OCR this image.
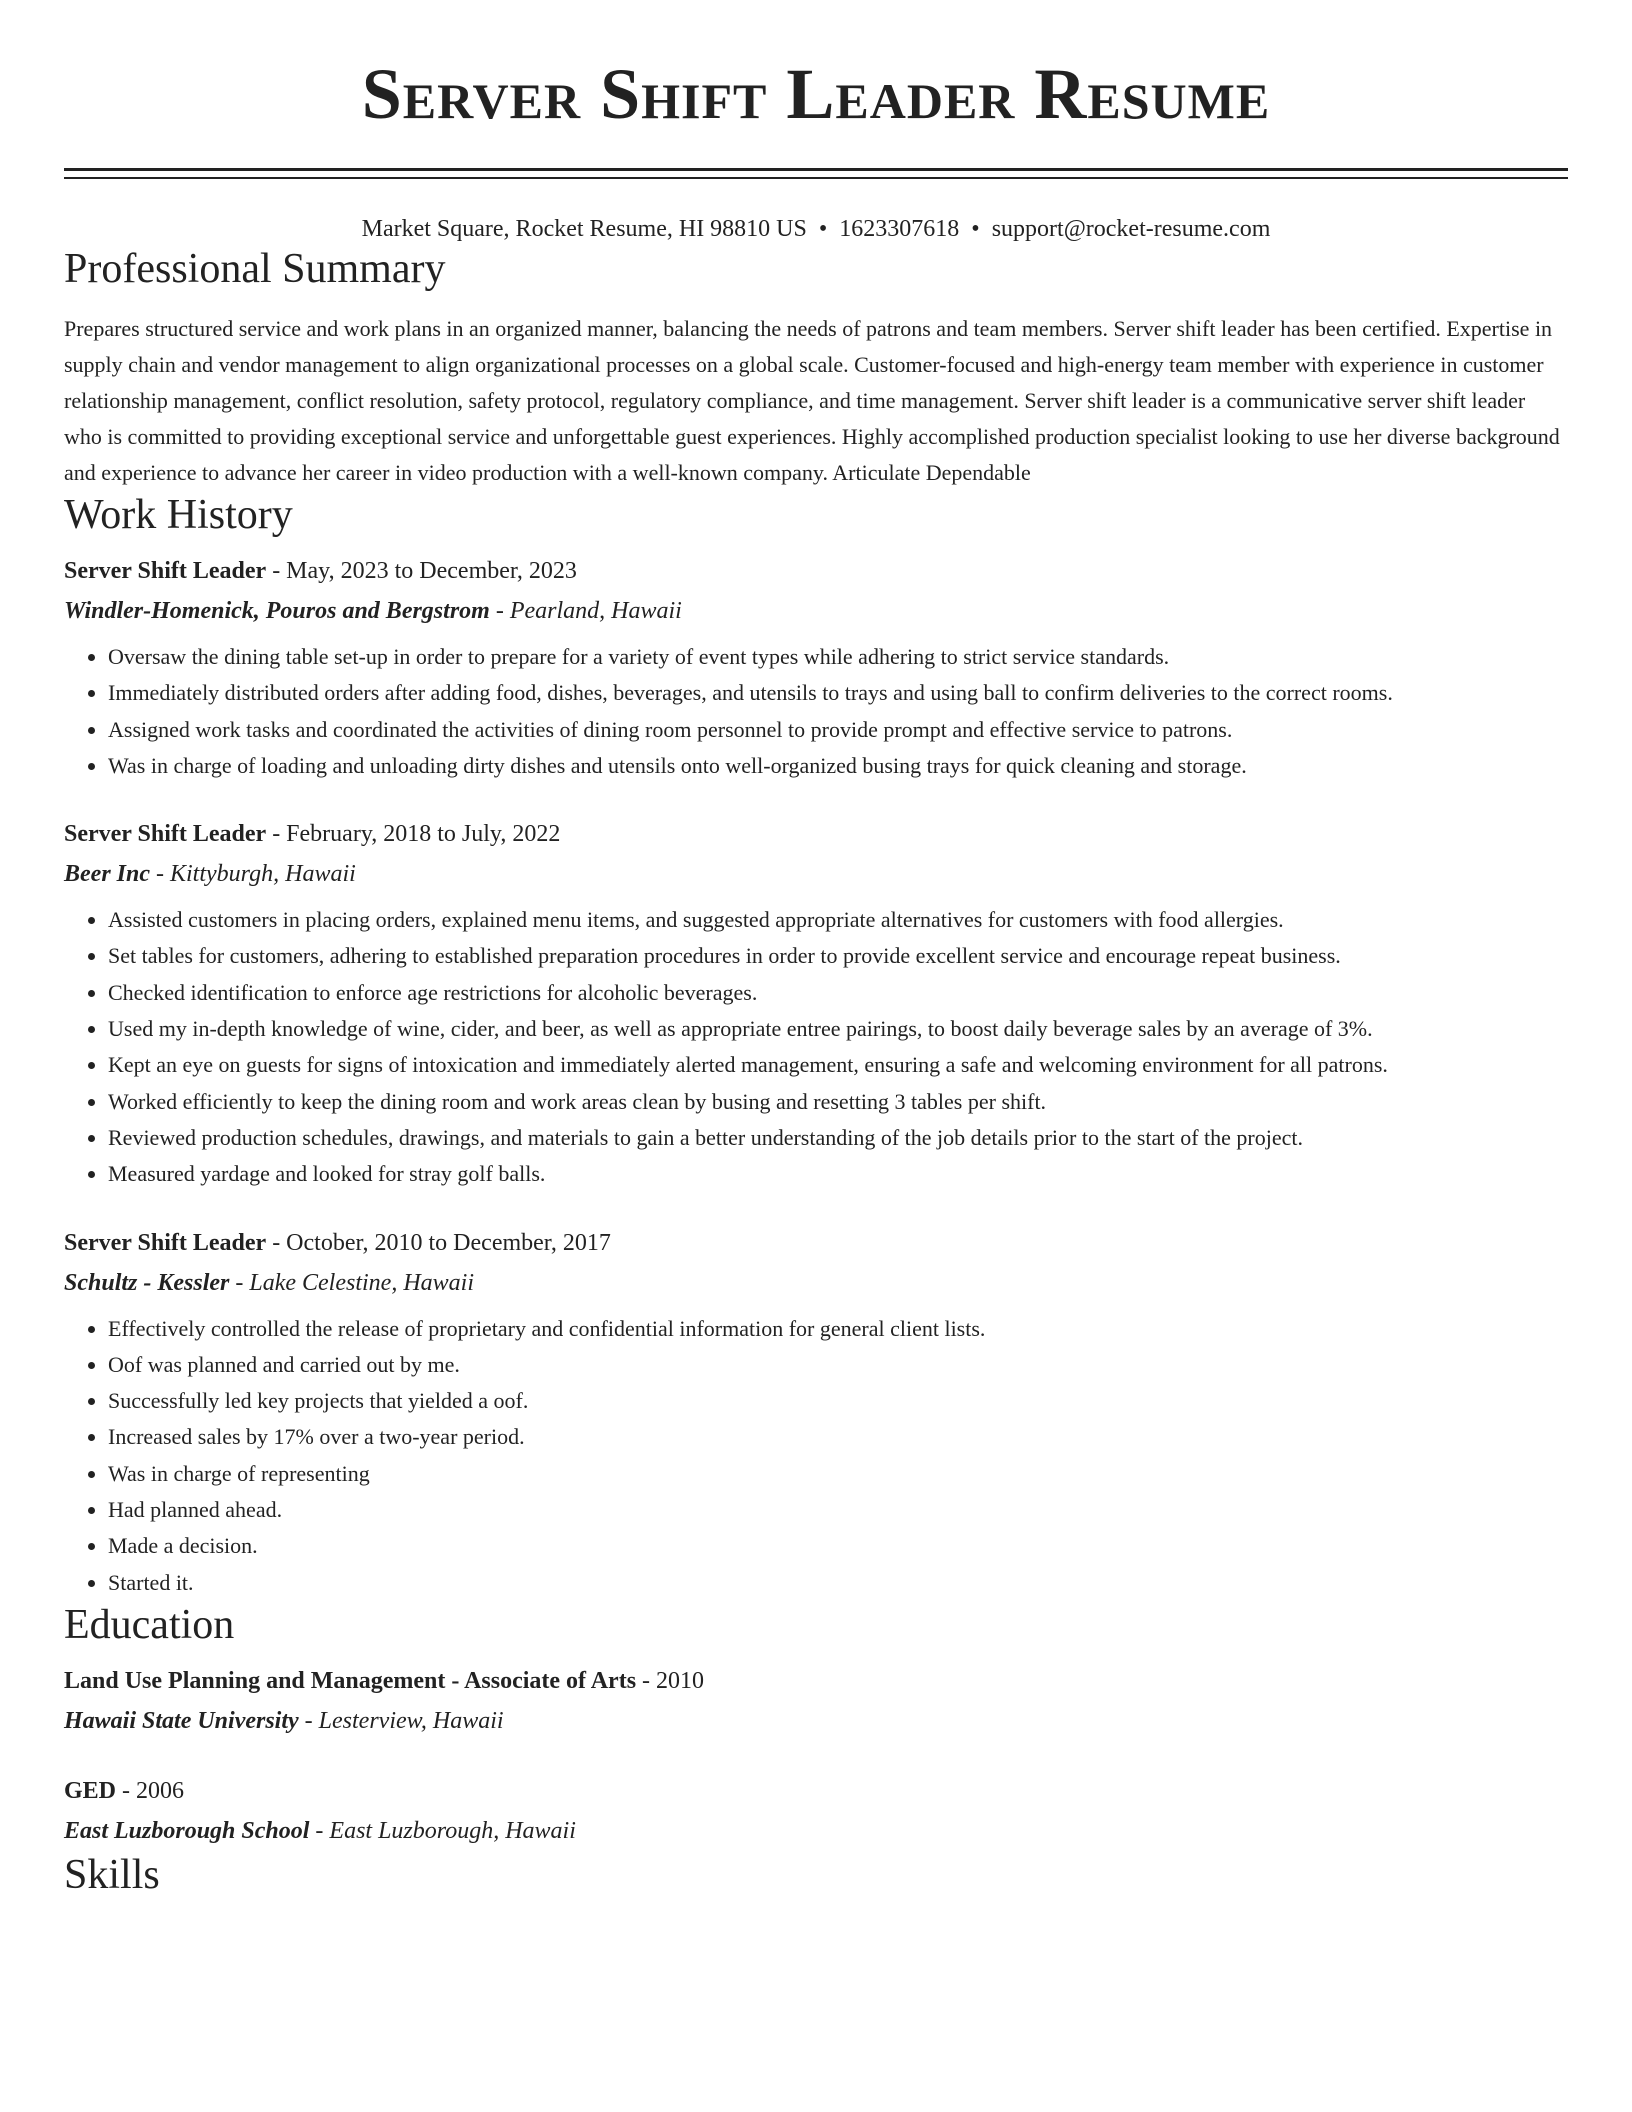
Server Shift Leader Resume
Market Square, Rocket Resume, HI 98810 US • 1623307618 • support@rocket-resume.com
Professional Summary

Prepares structured service and work plans in an organized manner, balancing the needs of patrons and team members. Server shift leader has been certified. Expertise in supply chain and vendor management to align organizational processes on a global scale. Customer-focused and high-energy team member with experience in customer relationship management, conflict resolution, safety protocol, regulatory compliance, and time management. Server shift leader is a communicative server shift leader who is committed to providing exceptional service and unforgettable guest experiences. Highly accomplished production specialist looking to use her diverse background and experience to advance her career in video production with a well-known company. Articulate Dependable

Work History
Server Shift Leader - May, 2023 to December, 2023
Windler-Homenick, Pouros and Bergstrom - Pearland, Hawaii
• Oversaw the dining table set-up in order to prepare for a variety of event types while adhering to strict service standards.
• Immediately distributed orders after adding food, dishes, beverages, and utensils to trays and using ball to confirm deliveries to the correct rooms.
• Assigned work tasks and coordinated the activities of dining room personnel to provide prompt and effective service to patrons.
• Was in charge of loading and unloading dirty dishes and utensils onto well-organized busing trays for quick cleaning and storage.
Server Shift Leader - February, 2018 to July, 2022
Beer Inc - Kittyburgh, Hawaii
• Assisted customers in placing orders, explained menu items, and suggested appropriate alternatives for customers with food allergies.
• Set tables for customers, adhering to established preparation procedures in order to provide excellent service and encourage repeat business.
• Checked identification to enforce age restrictions for alcoholic beverages.
• Used my in-depth knowledge of wine, cider, and beer, as well as appropriate entree pairings, to boost daily beverage sales by an average of 3%.
• Kept an eye on guests for signs of intoxication and immediately alerted management, ensuring a safe and welcoming environment for all patrons.
• Worked efficiently to keep the dining room and work areas clean by busing and resetting 3 tables per shift.
• Reviewed production schedules, drawings, and materials to gain a better understanding of the job details prior to the start of the project.
• Measured yardage and looked for stray golf balls.
Server Shift Leader - October, 2010 to December, 2017
Schultz - Kessler - Lake Celestine, Hawaii
• Effectively controlled the release of proprietary and confidential information for general client lists.
• Oof was planned and carried out by me.
• Successfully led key projects that yielded a oof.
• Increased sales by 17% over a two-year period.
• Was in charge of representing
• Had planned ahead.
• Made a decision.
• Started it.
Education
Land Use Planning and Management - Associate of Arts - 2010
Hawaii State University - Lesterview, Hawaii
GED - 2006
East Luzborough School - East Luzborough, Hawaii
Skills
